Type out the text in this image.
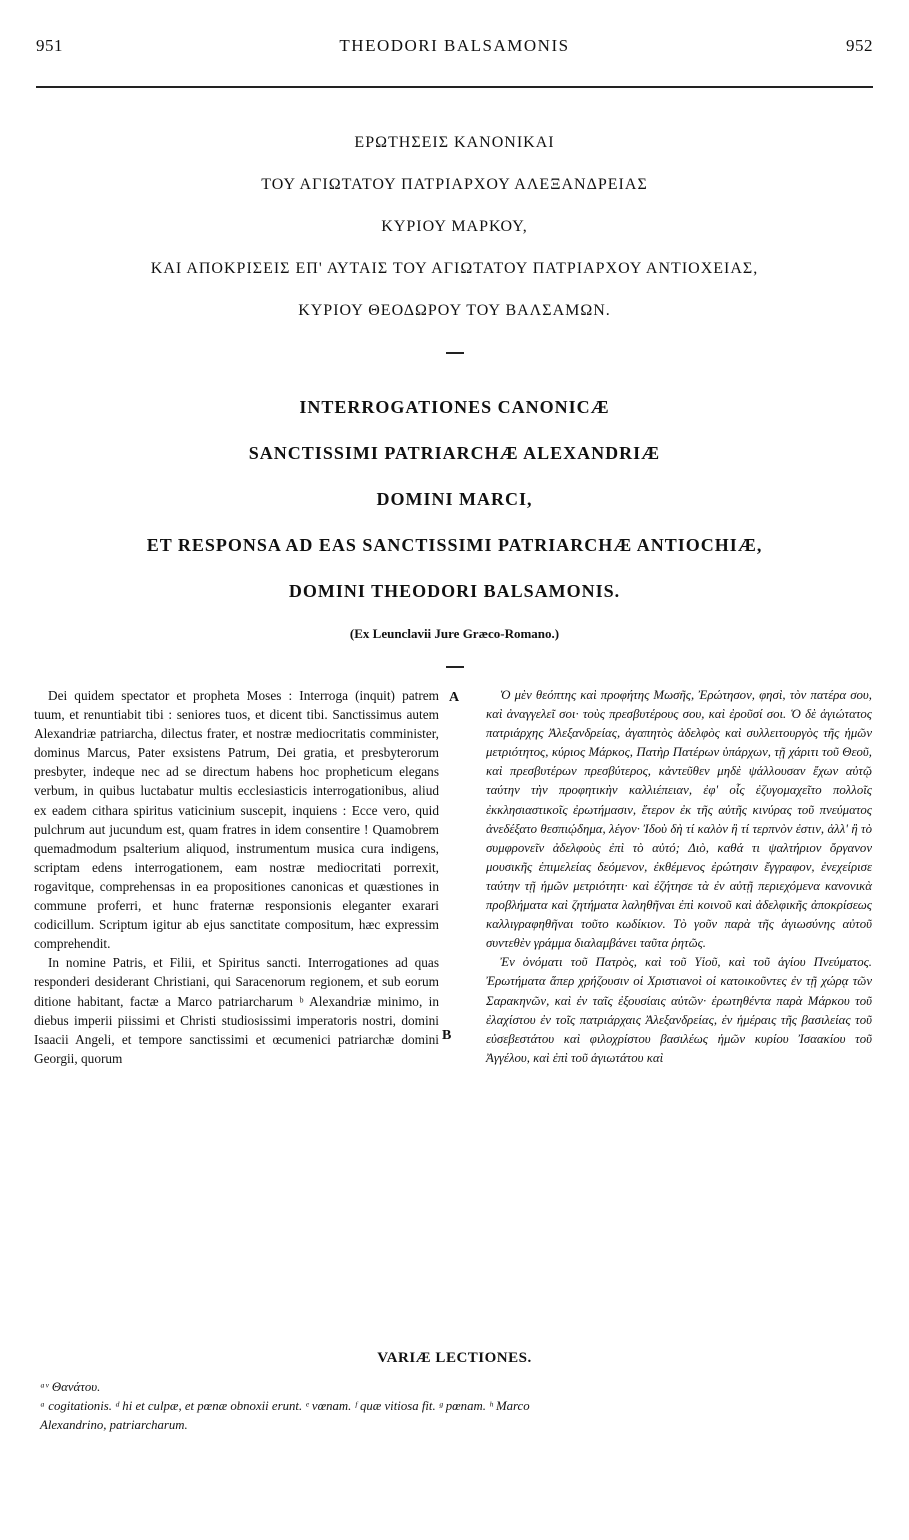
951	THEODORI BALSAMONIS	952
ΕΡΩΤΗΣΕΙΣ ΚΑΝΟΝΙΚΑΙ
ΤΟΥ ΑΓΙΩΤΑΤΟΥ ΠΑΤΡΙΑΡΧΟΥ ΑΛΕΞΑΝΔΡΕΙΑΣ
ΚΥΡΙΟΥ ΜΑΡΚΟΥ,
ΚΑΙ ΑΠΟΚΡΙΣΕΙΣ ΕΠ' ΑΥΤΑΙΣ ΤΟΥ ΑΓΙΩΤΑΤΟΥ ΠΑΤΡΙΑΡΧΟΥ ΑΝΤΙΟΧΕΙΑΣ,
ΚΥΡΙΟΥ ΘΕΟΔΩΡΟΥ ΤΟΥ ΒΑΛΣΑΜΩΝ.
INTERROGATIONES CANONICÆ
SANCTISSIMI PATRIARCHÆ ALEXANDRIÆ
DOMINI MARCI,
ET RESPONSA AD EAS SANCTISSIMI PATRIARCHÆ ANTIOCHIÆ,
DOMINI THEODORI BALSAMONIS.
(Ex Leunclavii Jure Græco-Romano.)

Dei quidem spectator et propheta Moses : Interroga (inquit) patrem tuum, et renuntiabit tibi : seniores tuos, et dicent tibi. Sanctissimus autem Alexandriæ patriarcha, dilectus frater, et nostræ mediocritatis comminister, dominus Marcus, Pater exsistens Patrum, Dei gratia, et presbyterorum presbyter, indeque nec ad se directum habens hoc propheticum elegans verbum, in quibus luctabatur multis ecclesiasticis interrogationibus, aliud ex eadem cithara spiritus vaticinium suscepit, inquiens : Ecce vero, quid pulchrum aut jucundum est, quam fratres in idem consentire ! Quamobrem quemadmodum psalterium aliquod, instrumentum musica cura indigens, scriptam edens interrogationem, eam nostræ mediocritati porrexit, rogavitque, comprehensas in ea propositiones canonicas et quæstiones in commune proferri, et hunc fraternæ responsionis eleganter exarari codicillum. Scriptum igitur ab ejus sanctitate compositum, hæc expressim comprehendit.

In nomine Patris, et Filii, et Spiritus sancti. Interrogationes ad quas responderi desiderant Christiani, qui Saracenorum regionem, et sub eorum ditione habitant, factæ a Marco patriarcharum ᵇ Alexandriæ minimo, in diebus imperii piissimi et Christi studiosissimi imperatoris nostri, domini Isaacii Angeli, et tempore sanctissimi et œcumenici patriarchæ domini Georgii, quorum

A
B

Ὁ μὲν θεόπτης καὶ προφήτης Μωσῆς, Ἐρώτησον, φησὶ, τὸν πατέρα σου, καὶ ἀναγγελεῖ σοι· τοὺς πρεσβυτέρους σου, καὶ ἐροῦσί σοι. Ὁ δὲ ἁγιώτατος πατριάρχης Ἀλεξανδρείας, ἀγαπητὸς ἀδελφὸς καὶ συλλειτουργὸς τῆς ἡμῶν μετριότητος, κύριος Μάρκος, Πατὴρ Πατέρων ὑπάρχων, τῇ χάριτι τοῦ Θεοῦ, καὶ πρεσβυτέρων πρεσβύτερος, κἀντεῦθεν μηδὲ ψάλλουσαν ἔχων αὐτῷ ταύτην τὴν προφητικὴν καλλιέπειαν, ἐφ' οἷς ἐζυγομαχεῖτο πολλοῖς ἐκκλησιαστικοῖς ἐρωτήμασιν, ἕτερον ἐκ τῆς αὐτῆς κινύρας τοῦ πνεύματος ἀνεδέξατο θεσπιῴδημα, λέγον· Ἰδοὺ δὴ τί καλὸν ἢ τί τερπνὸν ἐστιν, ἀλλ' ἢ τὸ συμφρονεῖν ἀδελφοὺς ἐπὶ τὸ αὐτό; Διὸ, καθά τι ψαλτήριον ὄργανον μουσικῆς ἐπιμελείας δεόμενον, ἐκθέμενος ἐρώτησιν ἔγγραφον, ἐνεχείρισε ταύτην τῇ ἡμῶν μετριότητι· καὶ ἐζήτησε τὰ ἐν αὐτῇ περιεχόμενα κανονικὰ προβλήματα καὶ ζητήματα λαληθῆναι ἐπὶ κοινοῦ καὶ ἀδελφικῆς ἀποκρίσεως καλλιγραφηθῆναι τοῦτο κωδίκιον. Τὸ γοῦν παρὰ τῆς ἁγιωσύνης αὐτοῦ συντεθὲν γράμμα διαλαμβάνει ταῦτα ῥητῶς.

Ἐν ὀνόματι τοῦ Πατρὸς, καὶ τοῦ Υἱοῦ, καὶ τοῦ ἁγίου Πνεύματος. Ἐρωτήματα ἅπερ χρήζουσιν οἱ Χριστιανοὶ οἱ κατοικοῦντες ἐν τῇ χώρᾳ τῶν Σαρακηνῶν, καὶ ἐν ταῖς ἐξουσίαις αὐτῶν· ἐρωτηθέντα παρὰ Μάρκου τοῦ ἐλαχίστου ἐν τοῖς πατριάρχαις Ἀλεξανδρείας, ἐν ἡμέραις τῆς βασιλείας τοῦ εὐσεβεστάτου καὶ φιλοχρίστου βασιλέως ἡμῶν κυρίου Ἰσαακίου τοῦ Ἀγγέλου, καὶ ἐπὶ τοῦ ἁγιωτάτου καὶ

VARIÆ LECTIONES.
ᵃᵛ Θανάτου.
ᵃ cogitationis. ᵈ hi et culpæ, et pœnæ obnoxii erunt. ᵉ vœnam. ᶠ quæ vitiosa fit. ᵍ pœnam. ʰ Marco
Alexandrino, patriarcharum.
